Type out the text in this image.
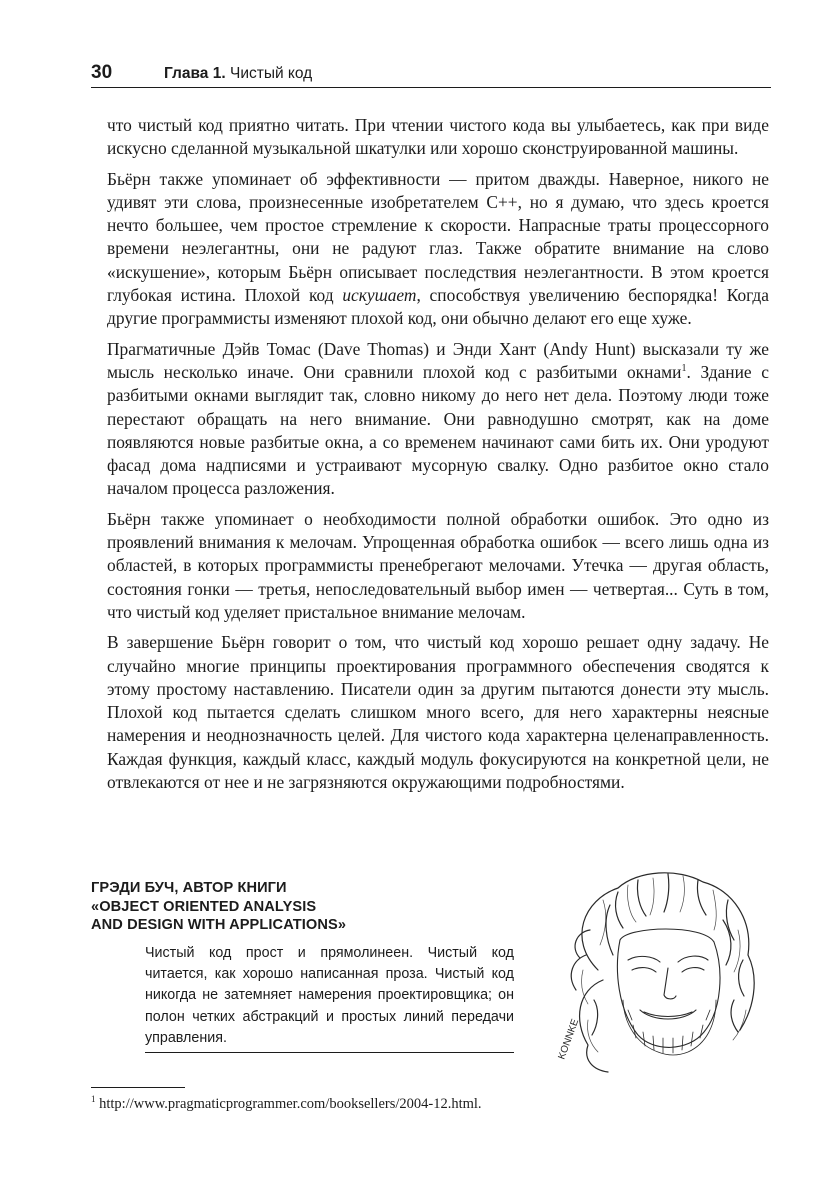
30	Глава 1. Чистый код

что чистый код приятно читать. При чтении чистого кода вы улыбаетесь, как при виде искусно сделанной музыкальной шкатулки или хорошо сконструированной машины.

Бьёрн также упоминает об эффективности — притом дважды. Наверное, никого не удивят эти слова, произнесенные изобретателем C++, но я думаю, что здесь кроется нечто большее, чем простое стремление к скорости. Напрасные траты процессорного времени неэлегантны, они не радуют глаз. Также обратите внимание на слово «искушение», которым Бьёрн описывает последствия неэлегантности. В этом кроется глубокая истина. Плохой код искушает, способствуя увеличению беспорядка! Когда другие программисты изменяют плохой код, они обычно делают его еще хуже.

Прагматичные Дэйв Томас (Dave Thomas) и Энди Хант (Andy Hunt) высказали ту же мысль несколько иначе. Они сравнили плохой код с разбитыми окнами$^1$. Здание с разбитыми окнами выглядит так, словно никому до него нет дела. Поэтому люди тоже перестают обращать на него внимание. Они равнодушно смотрят, как на доме появляются новые разбитые окна, а со временем начинают сами бить их. Они уродуют фасад дома надписями и устраивают мусорную свалку. Одно разбитое окно стало началом процесса разложения.

Бьёрн также упоминает о необходимости полной обработки ошибок. Это одно из проявлений внимания к мелочам. Упрощенная обработка ошибок — всего лишь одна из областей, в которых программисты пренебрегают мелочами. Утечка — другая область, состояния гонки — третья, непоследовательный выбор имен — четвертая... Суть в том, что чистый код уделяет пристальное внимание мелочам.

В завершение Бьёрн говорит о том, что чистый код хорошо решает одну задачу. Не случайно многие принципы проектирования программного обеспечения сводятся к этому простому наставлению. Писатели один за другим пытаются донести эту мысль. Плохой код пытается сделать слишком много всего, для него характерны неясные намерения и неоднозначность целей. Для чистого кода характерна целенаправленность. Каждая функция, каждый класс, каждый модуль фокусируются на конкретной цели, не отвлекаются от нее и не загрязняются окружающими подробностями.

ГРЭДИ БУЧ, АВТОР КНИГИ
«OBJECT ORIENTED ANALYSIS
AND DESIGN WITH APPLICATIONS»
Чистый код прост и прямолинеен. Чистый код читается, как хорошо написанная проза. Чистый код никогда не затемняет намерения проектировщика; он полон четких абстракций и простых линий передачи управления.	KONNKE
$^1$ http://www.pragmaticprogrammer.com/booksellers/2004-12.html.
